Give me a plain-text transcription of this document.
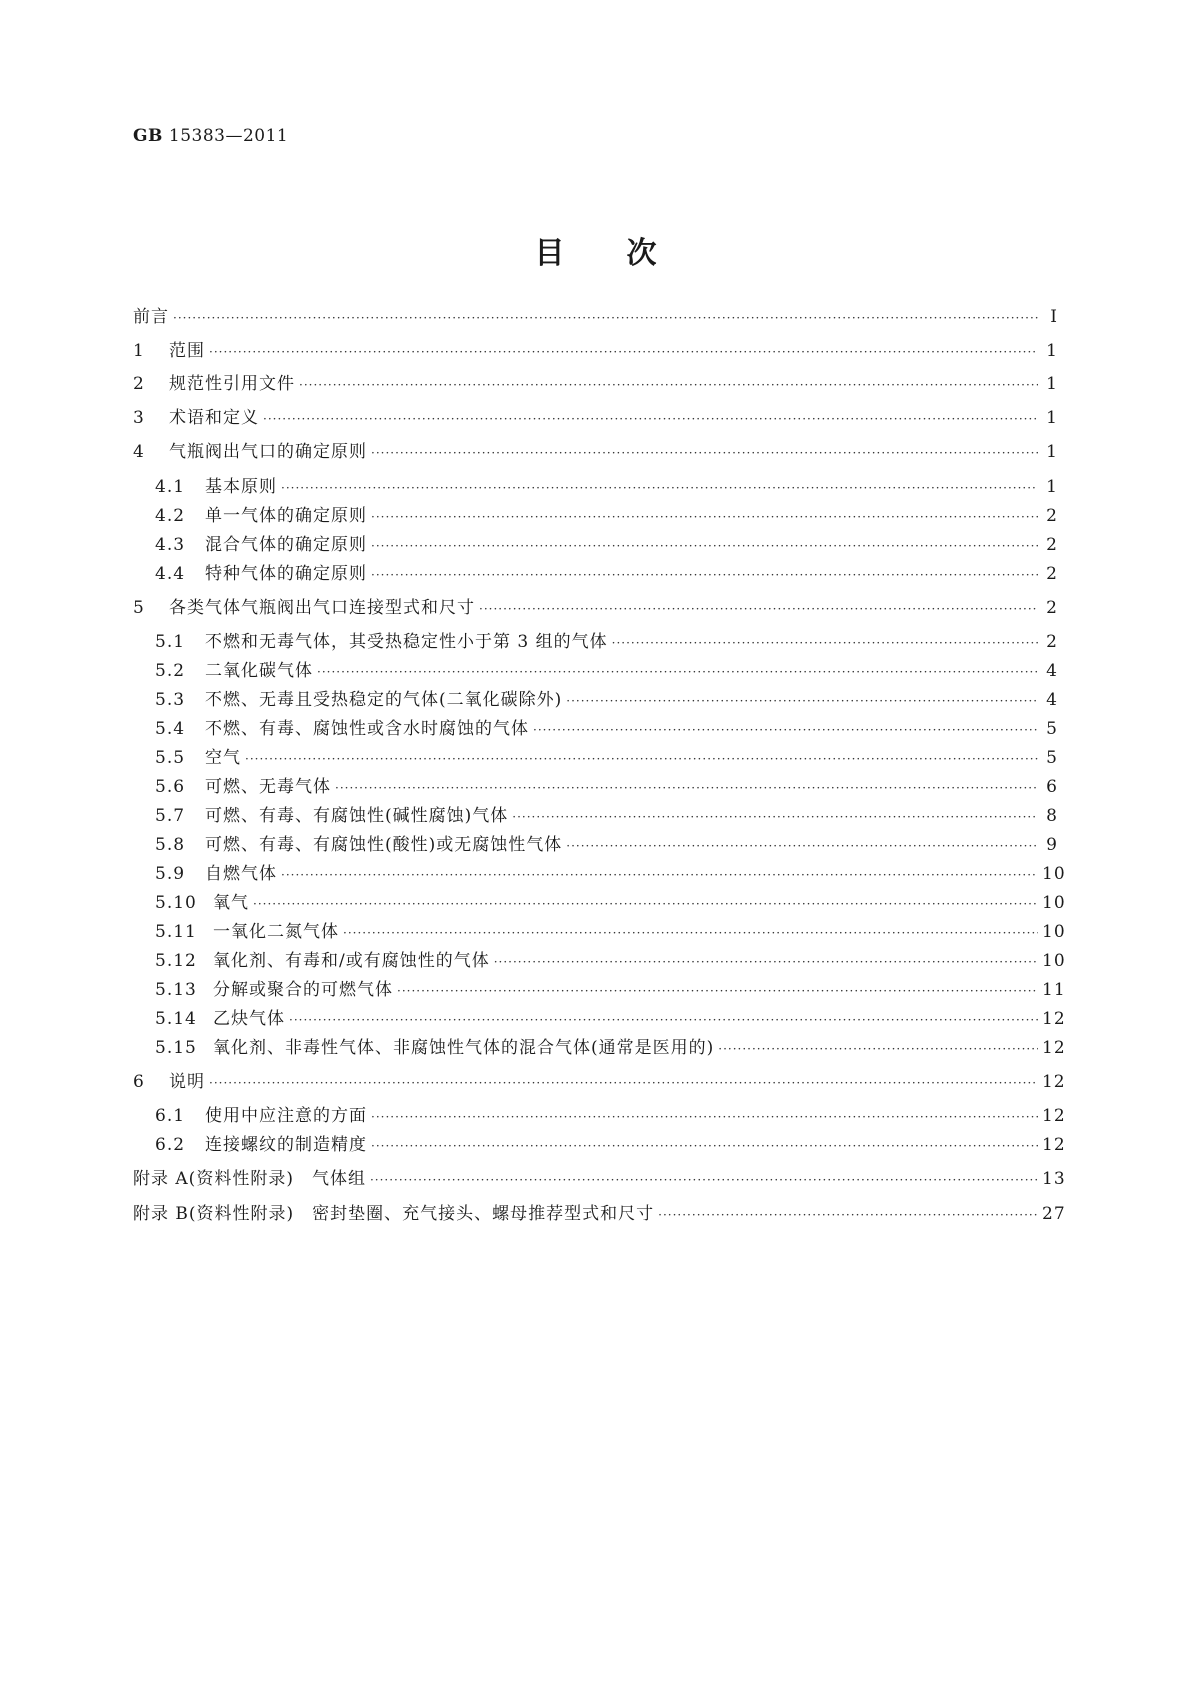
GB 15383—2011
目次
前言 ·····	Ⅰ
1	范围 ·····	1
2	规范性引用文件 ·····	1
3	术语和定义 ·····	1
4	气瓶阀出气口的确定原则 ·····	1
4.1	基本原则 ·····	1
4.2	单一气体的确定原则 ·····	2
4.3	混合气体的确定原则 ·····	2
4.4	特种气体的确定原则 ·····	2
5	各类气体气瓶阀出气口连接型式和尺寸 ·····	2
5.1	不燃和无毒气体，其受热稳定性小于第 3 组的气体 ·····	2
5.2	二氧化碳气体 ·····	4
5.3	不燃、无毒且受热稳定的气体(二氧化碳除外) ·····	4
5.4	不燃、有毒、腐蚀性或含水时腐蚀的气体 ·····	5
5.5	空气 ·····	5
5.6	可燃、无毒气体 ·····	6
5.7	可燃、有毒、有腐蚀性(碱性腐蚀)气体 ·····	8
5.8	可燃、有毒、有腐蚀性(酸性)或无腐蚀性气体 ·····	9
5.9	自燃气体 ·····	10
5.10 氧气 ·····	10
5.11 一氧化二氮气体 ·····	10
5.12 氧化剂、有毒和/或有腐蚀性的气体 ·····	10
5.13 分解或聚合的可燃气体 ·····	11
5.14 乙炔气体 ·····	12
5.15 氧化剂、非毒性气体、非腐蚀性气体的混合气体(通常是医用的) ·····	12
6	说明 ·····	12
6.1	使用中应注意的方面 ·····	12
6.2	连接螺纹的制造精度 ·····	12
附录 A(资料性附录)　气体组 ·····	13
附录 B(资料性附录)　密封垫圈、充气接头、螺母推荐型式和尺寸 ·····	27
